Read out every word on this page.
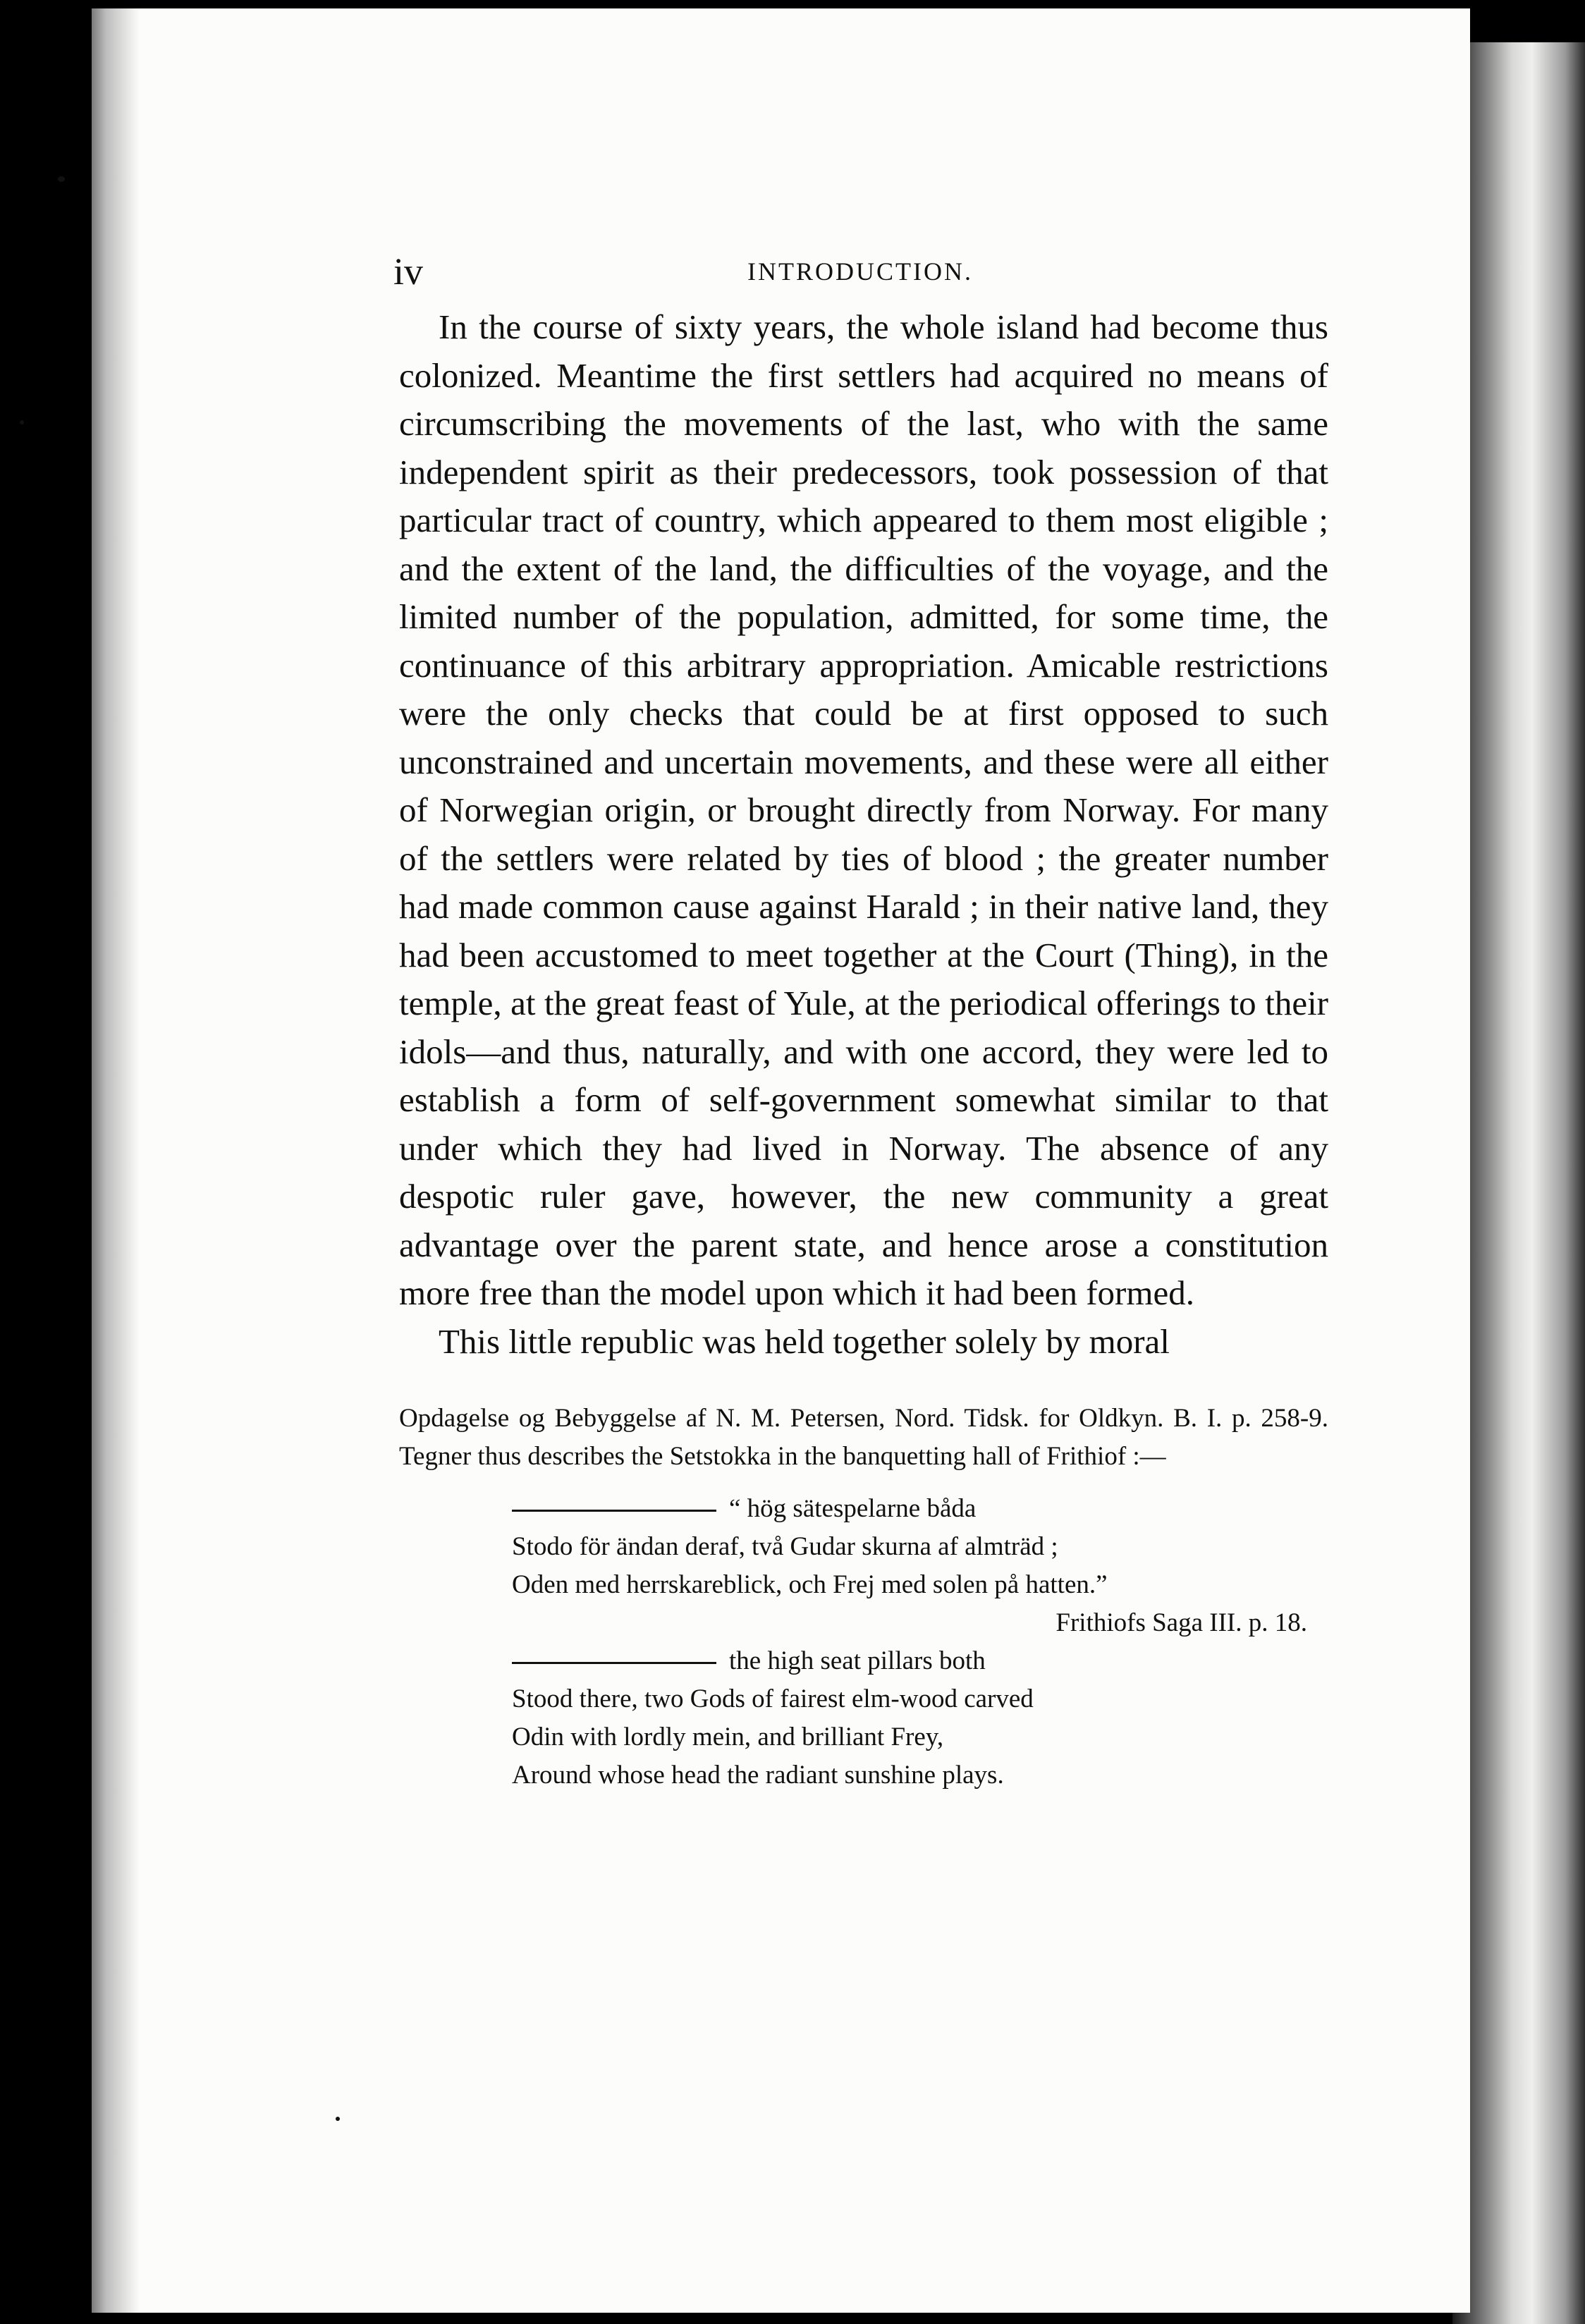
iv	INTRODUCTION.

In the course of sixty years, the whole island had become thus colonized. Meantime the first settlers had acquired no means of circumscribing the movements of the last, who with the same independent spirit as their predecessors, took possession of that particular tract of country, which appeared to them most eligible ; and the extent of the land, the difficulties of the voyage, and the limited number of the population, admitted, for some time, the continuance of this arbitrary appropriation. Amicable restrictions were the only checks that could be at first opposed to such unconstrained and uncertain movements, and these were all either of Norwegian origin, or brought directly from Norway. For many of the settlers were related by ties of blood ; the greater number had made common cause against Harald ; in their native land, they had been accustomed to meet together at the Court (Thing), in the temple, at the great feast of Yule, at the periodical offerings to their idols—and thus, naturally, and with one accord, they were led to establish a form of self-government somewhat similar to that under which they had lived in Norway. The absence of any despotic ruler gave, however, the new community a great advantage over the parent state, and hence arose a constitution more free than the model upon which it had been formed.

This little republic was held together solely by moral

Opdagelse og Bebyggelse af N. M. Petersen, Nord. Tidsk. for Oldkyn. B. I. p. 258-9. Tegner thus describes the Setstokka in the banquetting hall of Frithiof :—

“ hög sätespelarne båda
Stodo för ändan deraf, två Gudar skurna af almträd ;
Oden med herrskareblick, och Frej med solen på hatten.”
Frithiofs Saga III. p. 18.
the high seat pillars both
Stood there, two Gods of fairest elm-wood carved
Odin with lordly mein, and brilliant Frey,
Around whose head the radiant sunshine plays.
